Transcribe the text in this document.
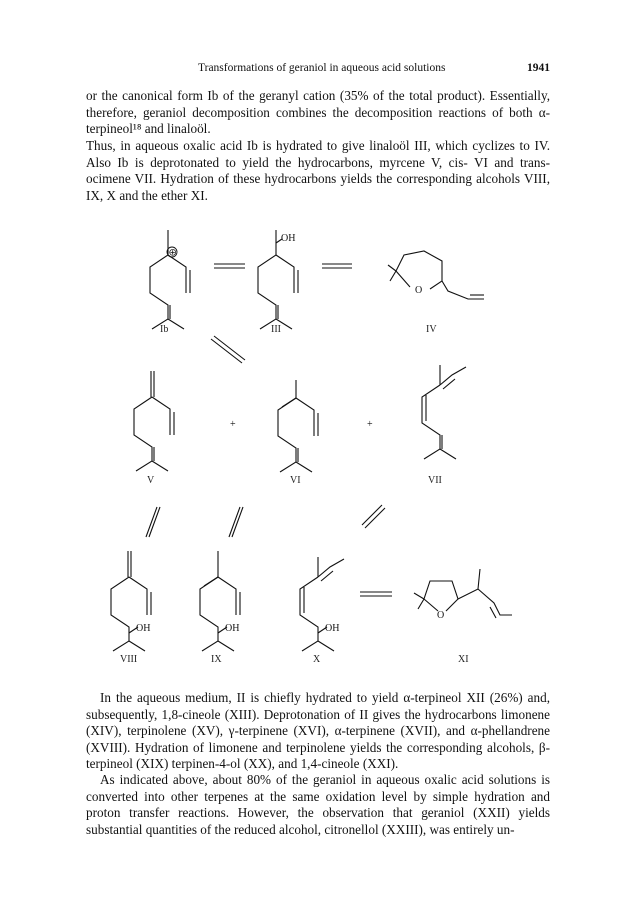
Transformations of geraniol in aqueous acid solutions	1941

or the canonical form Ib of the geranyl cation (35% of the total product). Essentially, therefore, geraniol decomposition combines the decomposition reactions of both α-terpineol¹⁸ and linaloöl.

Thus, in aqueous oxalic acid Ib is hydrated to give linaloöl III, which cyclizes to IV. Also Ib is deprotonated to yield the hydrocarbons, myrcene V, cis- VI and trans-ocimene VII. Hydration of these hydrocarbons yields the corresponding alcohols VIII, IX, X and the ether XI.

⊕
Ib
OH
III
O
IV
V
+
VI
+
VII
OH
VIII
OH
IX
OH
X
O
XI

In the aqueous medium, II is chiefly hydrated to yield α-terpineol XII (26%) and, subsequently, 1,8-cineole (XIII). Deprotonation of II gives the hydrocarbons limonene (XIV), terpinolene (XV), γ-terpinene (XVI), α-terpinene (XVII), and α-phellandrene (XVIII). Hydration of limonene and terpinolene yields the corresponding alcohols, β-terpineol (XIX) terpinen-4-ol (XX), and 1,4-cineole (XXI).

As indicated above, about 80% of the geraniol in aqueous oxalic acid solutions is converted into other terpenes at the same oxidation level by simple hydration and proton transfer reactions. However, the observation that geraniol (XXII) yields substantial quantities of the reduced alcohol, citronellol (XXIII), was entirely un-
